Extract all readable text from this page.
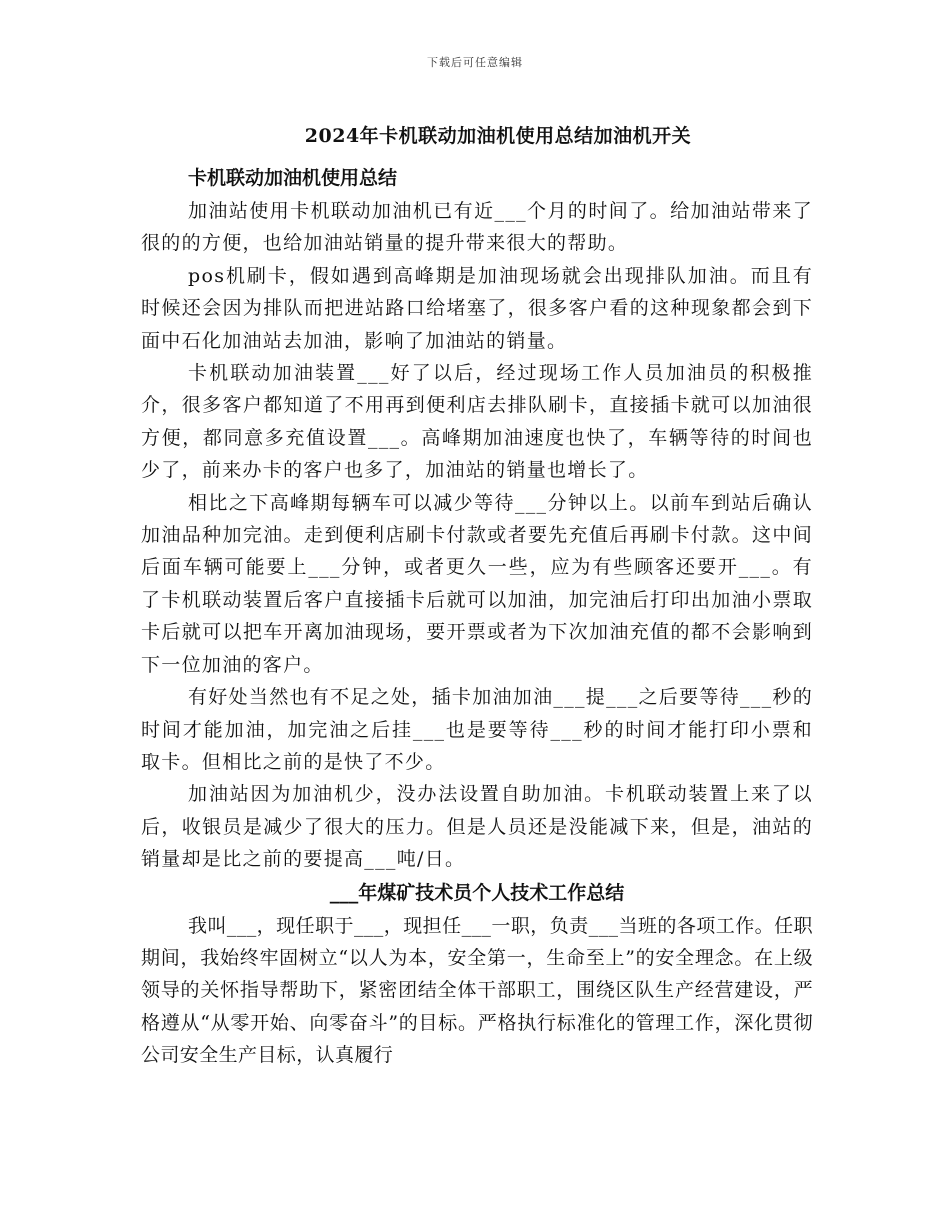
下载后可任意编辑
2024年卡机联动加油机使用总结加油机开关

卡机联动加油机使用总结

加油站使用卡机联动加油机已有近___个月的时间了。给加油站带来了很的的方便，也给加油站销量的提升带来很大的帮助。

pos机刷卡，假如遇到高峰期是加油现场就会出现排队加油。而且有时候还会因为排队而把进站路口给堵塞了，很多客户看的这种现象都会到下面中石化加油站去加油，影响了加油站的销量。

卡机联动加油装置___好了以后，经过现场工作人员加油员的积极推介，很多客户都知道了不用再到便利店去排队刷卡，直接插卡就可以加油很方便，都同意多充值设置___。高峰期加油速度也快了，车辆等待的时间也少了，前来办卡的客户也多了，加油站的销量也增长了。

相比之下高峰期每辆车可以减少等待___分钟以上。以前车到站后确认加油品种加完油。走到便利店刷卡付款或者要先充值后再刷卡付款。这中间后面车辆可能要上___分钟，或者更久一些，应为有些顾客还要开___。有了卡机联动装置后客户直接插卡后就可以加油，加完油后打印出加油小票取卡后就可以把车开离加油现场，要开票或者为下次加油充值的都不会影响到下一位加油的客户。

有好处当然也有不足之处，插卡加油加油___提___之后要等待___秒的时间才能加油，加完油之后挂___也是要等待___秒的时间才能打印小票和取卡。但相比之前的是快了不少。

加油站因为加油机少，没办法设置自助加油。卡机联动装置上来了以后，收银员是减少了很大的压力。但是人员还是没能减下来，但是，油站的销量却是比之前的要提高___吨/日。

___年煤矿技术员个人技术工作总结

我叫___，现任职于___，现担任___一职，负责___当班的各项工作。任职期间，我始终牢固树立“以人为本，安全第一，生命至上”的安全理念。在上级领导的关怀指导帮助下，紧密团结全体干部职工，围绕区队生产经营建设，严格遵从“从零开始、向零奋斗”的目标。严格执行标准化的管理工作，深化贯彻公司安全生产目标，认真履行
